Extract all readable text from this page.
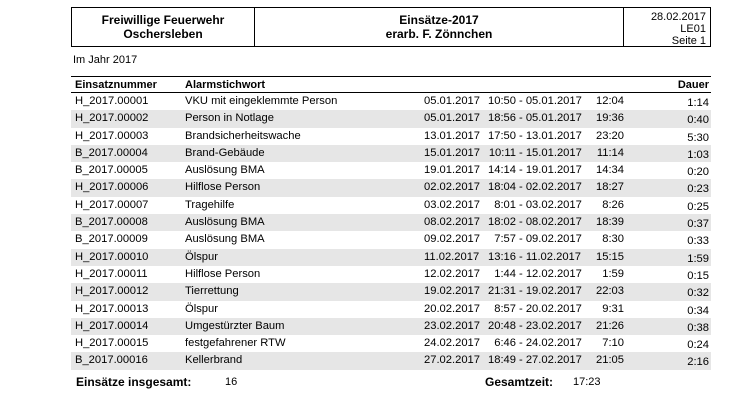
Freiwillige Feuerwehr
Oschersleben
Einsätze-2017
erarb. F. Zönnchen
28.02.2017
LE01
Seite 1
Im Jahr 2017
Einsatznummer	Alarmstichwort	Dauer
H_2017.00001	VKU mit eingeklemmte Person	05.01.2017 10:50 - 05.01.2017	12:04	1:14
H_2017.00002	Person in Notlage	05.01.2017 18:56 - 05.01.2017	19:36	0:40
H_2017.00003	Brandsicherheitswache	13.01.2017 17:50 - 13.01.2017	23:20	5:30
B_2017.00004	Brand-Gebäude	15.01.2017 10:11 - 15.01.2017	11:14	1:03
B_2017.00005	Auslösung BMA	19.01.2017 14:14 - 19.01.2017	14:34	0:20
H_2017.00006	Hilflose Person	02.02.2017 18:04 - 02.02.2017	18:27	0:23
H_2017.00007	Tragehilfe	03.02.2017	8:01 - 03.02.2017	8:26	0:25
B_2017.00008	Auslösung BMA	08.02.2017 18:02 - 08.02.2017	18:39	0:37
B_2017.00009	Auslösung BMA	09.02.2017	7:57 - 09.02.2017	8:30	0:33
H_2017.00010	Ölspur	11.02.2017 13:16 - 11.02.2017	15:15	1:59
H_2017.00011	Hilflose Person	12.02.2017	1:44 - 12.02.2017	1:59	0:15
H_2017.00012	Tierrettung	19.02.2017 21:31 - 19.02.2017	22:03	0:32
H_2017.00013	Ölspur	20.02.2017	8:57 - 20.02.2017	9:31	0:34
H_2017.00014	Umgestürzter Baum	23.02.2017 20:48 - 23.02.2017	21:26	0:38
H_2017.00015	festgefahrener RTW	24.02.2017	6:46 - 24.02.2017	7:10	0:24
B_2017.00016	Kellerbrand	27.02.2017 18:49 - 27.02.2017	21:05	2:16
Einsätze insgesamt:	16	Gesamtzeit: 17:23
